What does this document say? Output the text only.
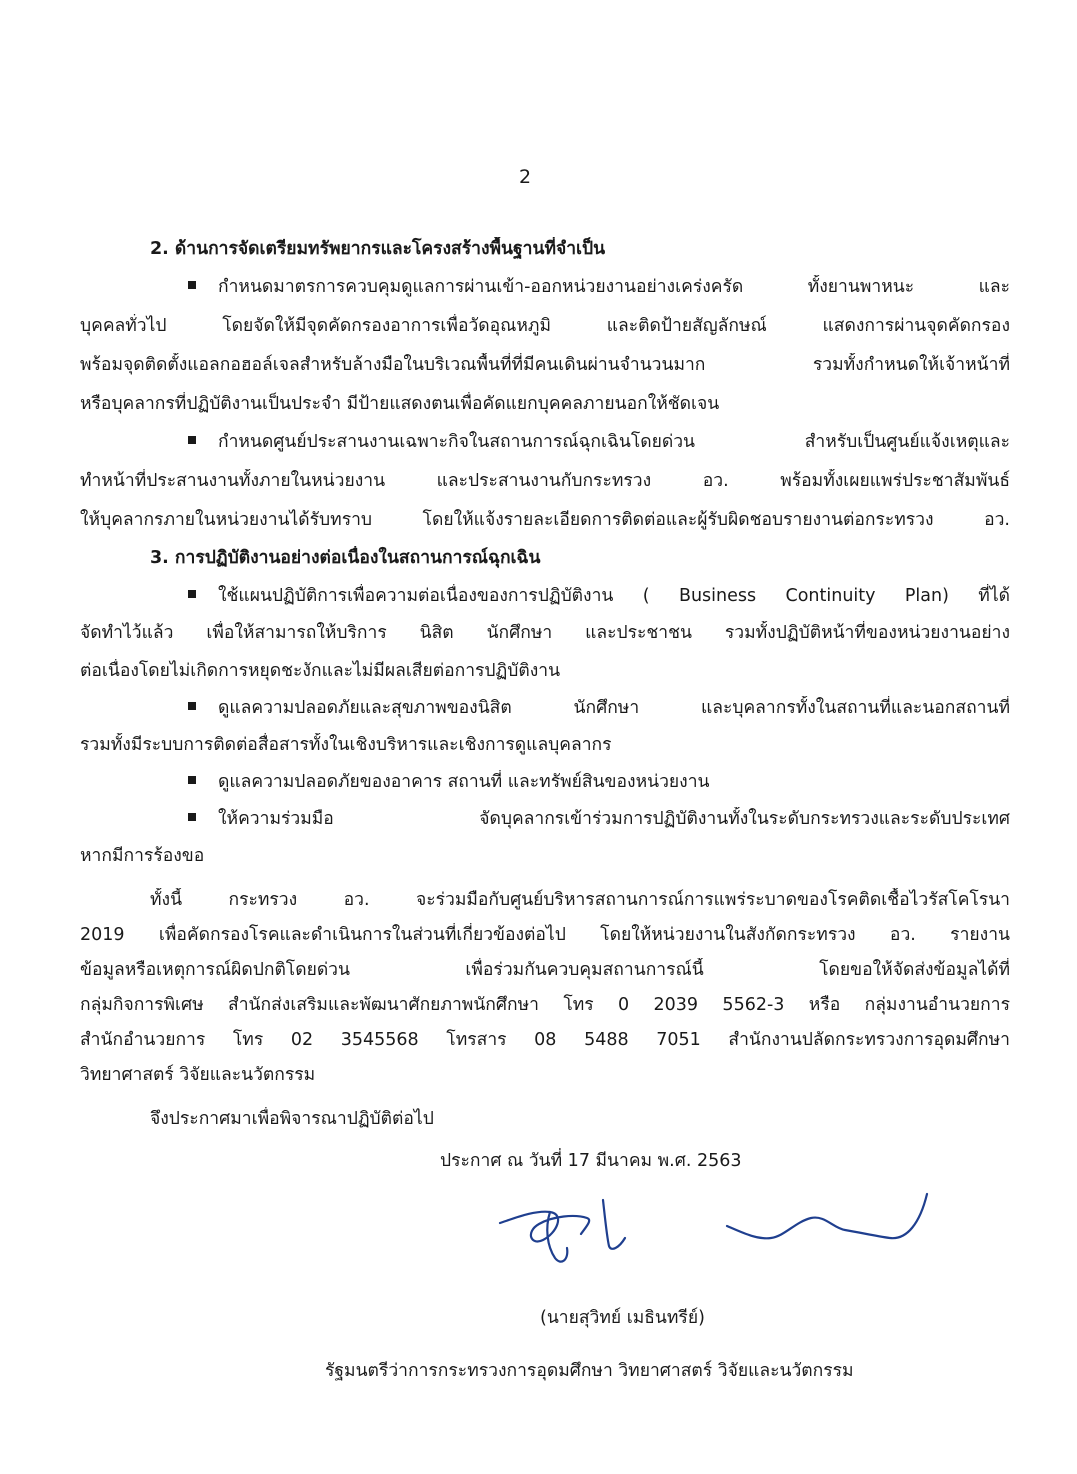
2
2. ด้านการจัดเตรียมทรัพยากรและโครงสร้างพื้นฐานที่จำเป็น
กำหนดมาตรการควบคุมดูแลการผ่านเข้า-ออกหน่วยงานอย่างเคร่งครัด ทั้งยานพาหนะ และ
บุคคลทั่วไป โดยจัดให้มีจุดคัดกรองอาการเพื่อวัดอุณหภูมิ และติดป้ายสัญลักษณ์ แสดงการผ่านจุดคัดกรอง
พร้อมจุดติดตั้งแอลกอฮอล์เจลสำหรับล้างมือในบริเวณพื้นที่ที่มีคนเดินผ่านจำนวนมาก รวมทั้งกำหนดให้เจ้าหน้าที่
หรือบุคลากรที่ปฏิบัติงานเป็นประจำ มีป้ายแสดงตนเพื่อคัดแยกบุคคลภายนอกให้ชัดเจน
กำหนดศูนย์ประสานงานเฉพาะกิจในสถานการณ์ฉุกเฉินโดยด่วน สำหรับเป็นศูนย์แจ้งเหตุและ
ทำหน้าที่ประสานงานทั้งภายในหน่วยงาน และประสานงานกับกระทรวง อว. พร้อมทั้งเผยแพร่ประชาสัมพันธ์
ให้บุคลากรภายในหน่วยงานได้รับทราบ โดยให้แจ้งรายละเอียดการติดต่อและผู้รับผิดชอบรายงานต่อกระทรวง อว.
3. การปฏิบัติงานอย่างต่อเนื่องในสถานการณ์ฉุกเฉิน
ใช้แผนปฏิบัติการเพื่อความต่อเนื่องของการปฏิบัติงาน ( Business Continuity Plan) ที่ได้
จัดทำไว้แล้ว เพื่อให้สามารถให้บริการ นิสิต นักศึกษา และประชาชน รวมทั้งปฏิบัติหน้าที่ของหน่วยงานอย่าง
ต่อเนื่องโดยไม่เกิดการหยุดชะงักและไม่มีผลเสียต่อการปฏิบัติงาน
ดูแลความปลอดภัยและสุขภาพของนิสิต นักศึกษา และบุคลากรทั้งในสถานที่และนอกสถานที่
รวมทั้งมีระบบการติดต่อสื่อสารทั้งในเชิงบริหารและเชิงการดูแลบุคลากร
ดูแลความปลอดภัยของอาคาร สถานที่ และทรัพย์สินของหน่วยงาน
ให้ความร่วมมือ จัดบุคลากรเข้าร่วมการปฏิบัติงานทั้งในระดับกระทรวงและระดับประเทศ
หากมีการร้องขอ
ทั้งนี้ กระทรวง อว. จะร่วมมือกับศูนย์บริหารสถานการณ์การแพร่ระบาดของโรคติดเชื้อไวรัสโคโรนา
2019 เพื่อคัดกรองโรคและดำเนินการในส่วนที่เกี่ยวข้องต่อไป โดยให้หน่วยงานในสังกัดกระทรวง อว. รายงาน
ข้อมูลหรือเหตุการณ์ผิดปกติโดยด่วน เพื่อร่วมกันควบคุมสถานการณ์นี้ โดยขอให้จัดส่งข้อมูลได้ที่
กลุ่มกิจการพิเศษ สำนักส่งเสริมและพัฒนาศักยภาพนักศึกษา โทร 0 2039 5562-3 หรือ กลุ่มงานอำนวยการ
สำนักอำนวยการ โทร 02 3545568 โทรสาร 08 5488 7051 สำนักงานปลัดกระทรวงการอุดมศึกษา
วิทยาศาสตร์ วิจัยและนวัตกรรม
จึงประกาศมาเพื่อพิจารณาปฏิบัติต่อไป
ประกาศ ณ วันที่ 17 มีนาคม พ.ศ. 2563
(นายสุวิทย์ เมธินทรีย์)
รัฐมนตรีว่าการกระทรวงการอุดมศึกษา วิทยาศาสตร์ วิจัยและนวัตกรรม
